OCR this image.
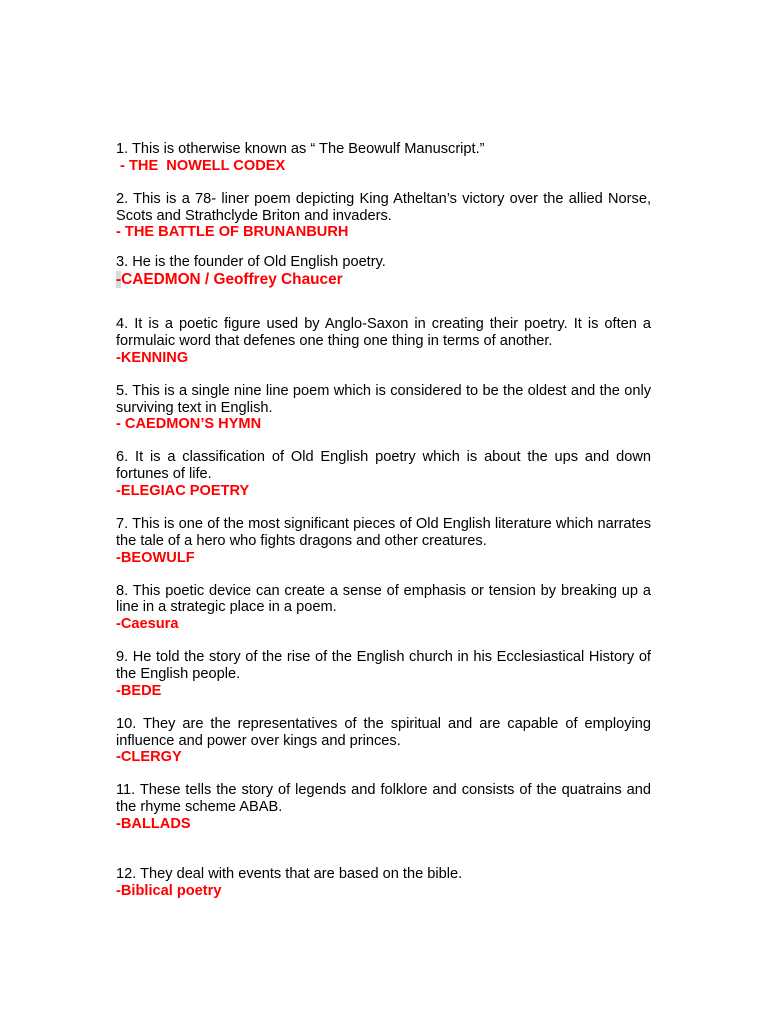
1. This is otherwise known as “ The Beowulf Manuscript.”

- THE  NOWELL CODEX

2. This is a 78- liner poem depicting King Atheltan’s victory over the allied Norse, Scots and Strathclyde Briton and invaders.

- THE BATTLE OF BRUNANBURH

3. He is the founder of Old English poetry.

-CAEDMON / Geoffrey Chaucer

4. It is a poetic figure used by Anglo-Saxon in creating their poetry. It is often a formulaic word that defenes one thing one thing in terms of another.

-KENNING

5. This is a single nine line poem which is considered to be the oldest and the only surviving text in English.

- CAEDMON’S HYMN

6. It is a classification of Old English poetry which is about the ups and down fortunes of life.

-ELEGIAC POETRY

7. This is one of the most significant pieces of Old English literature which narrates the tale of a hero who fights dragons and other creatures.

-BEOWULF

8. This poetic device can create a sense of emphasis or tension by breaking up a line in a strategic place in a poem.

-Caesura

9. He told the story of the rise of the English church in his Ecclesiastical History of the English people.

-BEDE

10. They are the representatives of the spiritual and are capable of employing influence and power over kings and princes.

-CLERGY

11. These tells the story of legends and folklore and consists of the quatrains and the rhyme scheme ABAB.

-BALLADS

12. They deal with events that are based on the bible.

-Biblical poetry
